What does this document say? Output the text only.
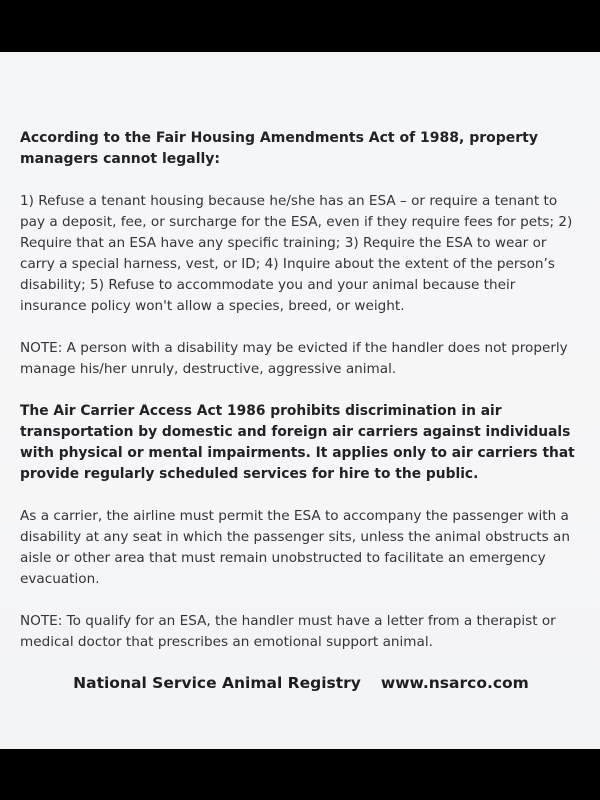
According to the Fair Housing Amendments Act of 1988, property managers cannot legally:

1) Refuse a tenant housing because he/she has an ESA – or require a tenant to pay a deposit, fee, or surcharge for the ESA, even if they require fees for pets; 2) Require that an ESA have any specific training; 3) Require the ESA to wear or carry a special harness, vest, or ID; 4) Inquire about the extent of the person’s disability; 5) Refuse to accommodate you and your animal because their insurance policy won't allow a species, breed, or weight.

NOTE: A person with a disability may be evicted if the handler does not properly manage his/her unruly, destructive, aggressive animal.

The Air Carrier Access Act 1986 prohibits discrimination in air transportation by domestic and foreign air carriers against individuals with physical or mental impairments. It applies only to air carriers that provide regularly scheduled services for hire to the public.

As a carrier, the airline must permit the ESA to accompany the passenger with a disability at any seat in which the passenger sits, unless the animal obstructs an aisle or other area that must remain unobstructed to facilitate an emergency evacuation.

NOTE: To qualify for an ESA, the handler must have a letter from a therapist or medical doctor that prescribes an emotional support animal.

National Service Animal Registry www.nsarco.com
